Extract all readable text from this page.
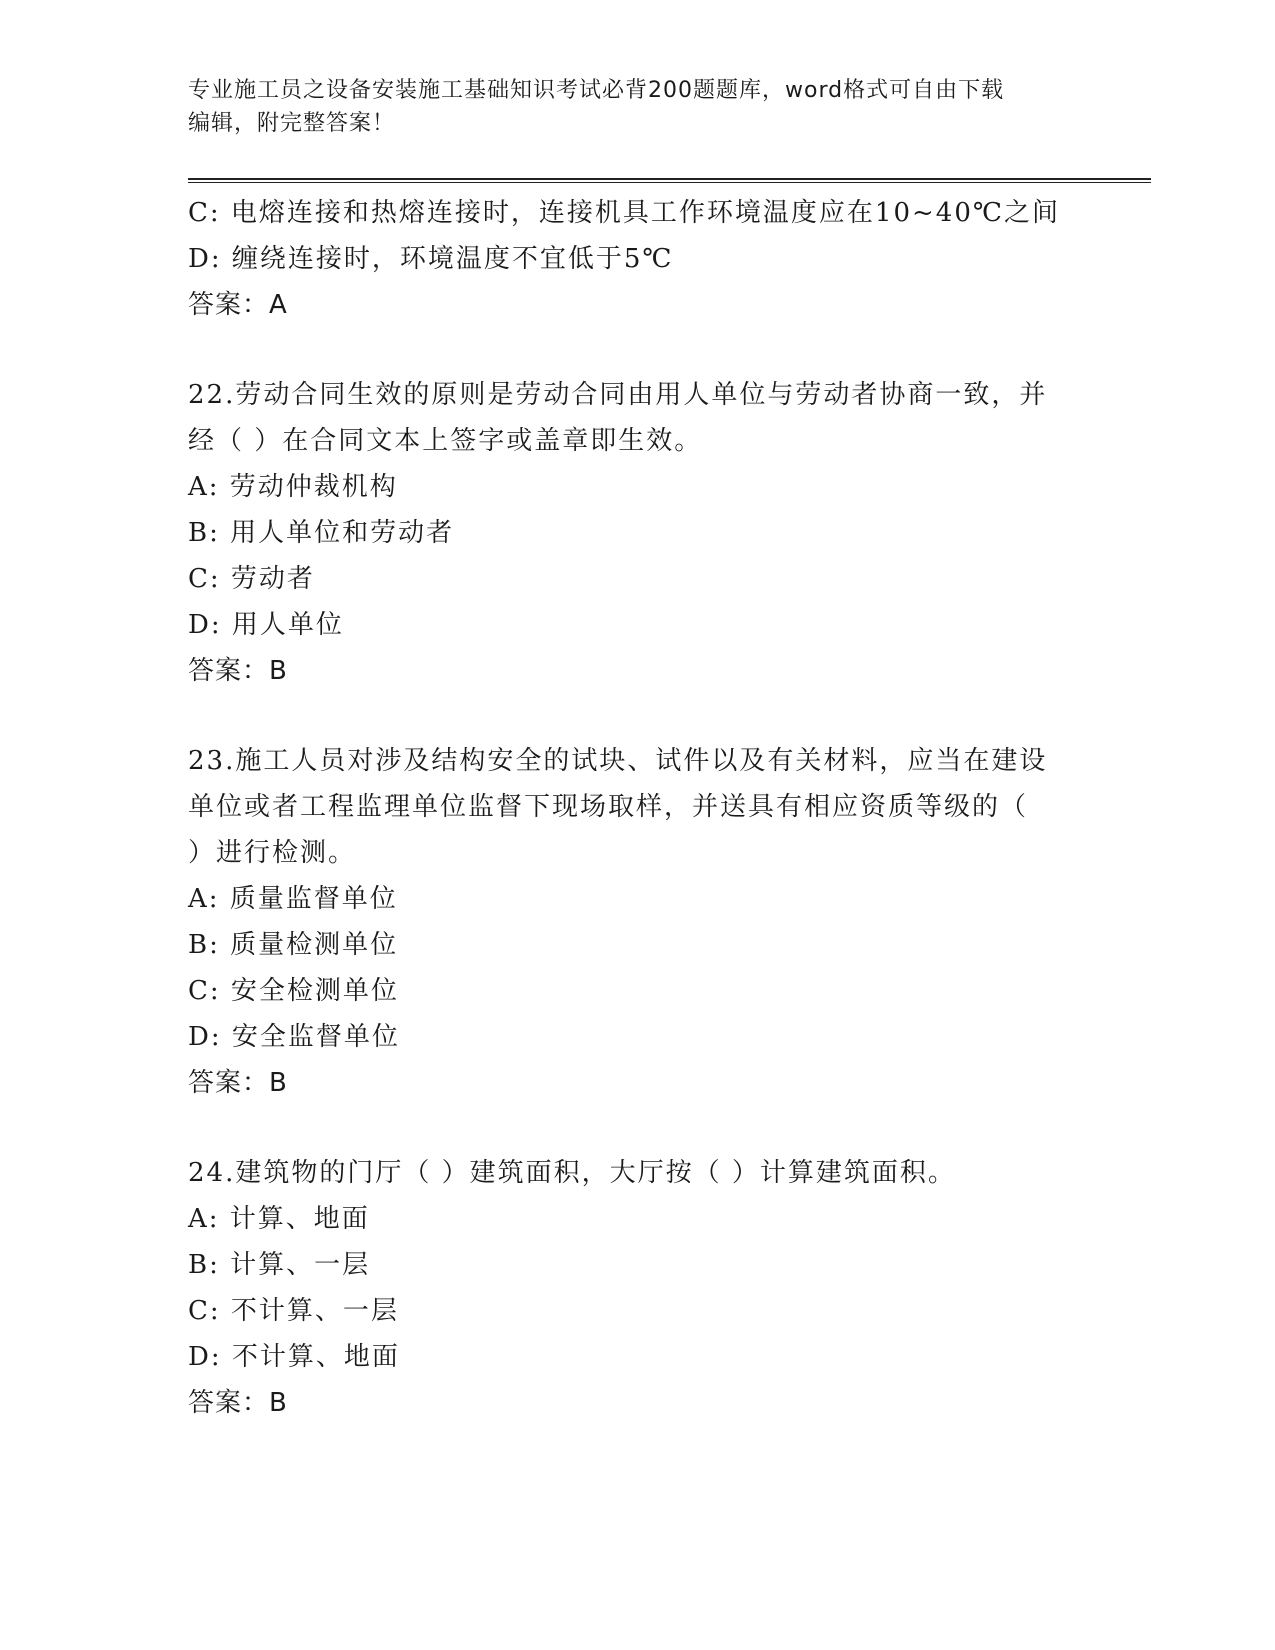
专业施工员之设备安装施工基础知识考试必背200题题库，word格式可自由下载
编辑，附完整答案！
C: 电熔连接和热熔连接时，连接机具工作环境温度应在10~40℃之间
D: 缠绕连接时，环境温度不宜低于5℃
答案：A
22.劳动合同生效的原则是劳动合同由用人单位与劳动者协商一致，并
经（ ）在合同文本上签字或盖章即生效。
A: 劳动仲裁机构
B: 用人单位和劳动者
C: 劳动者
D: 用人单位
答案：B
23.施工人员对涉及结构安全的试块、试件以及有关材料，应当在建设
单位或者工程监理单位监督下现场取样，并送具有相应资质等级的（
）进行检测。
A: 质量监督单位
B: 质量检测单位
C: 安全检测单位
D: 安全监督单位
答案：B
24.建筑物的门厅（ ）建筑面积，大厅按（ ）计算建筑面积。
A: 计算、地面
B: 计算、一层
C: 不计算、一层
D: 不计算、地面
答案：B
